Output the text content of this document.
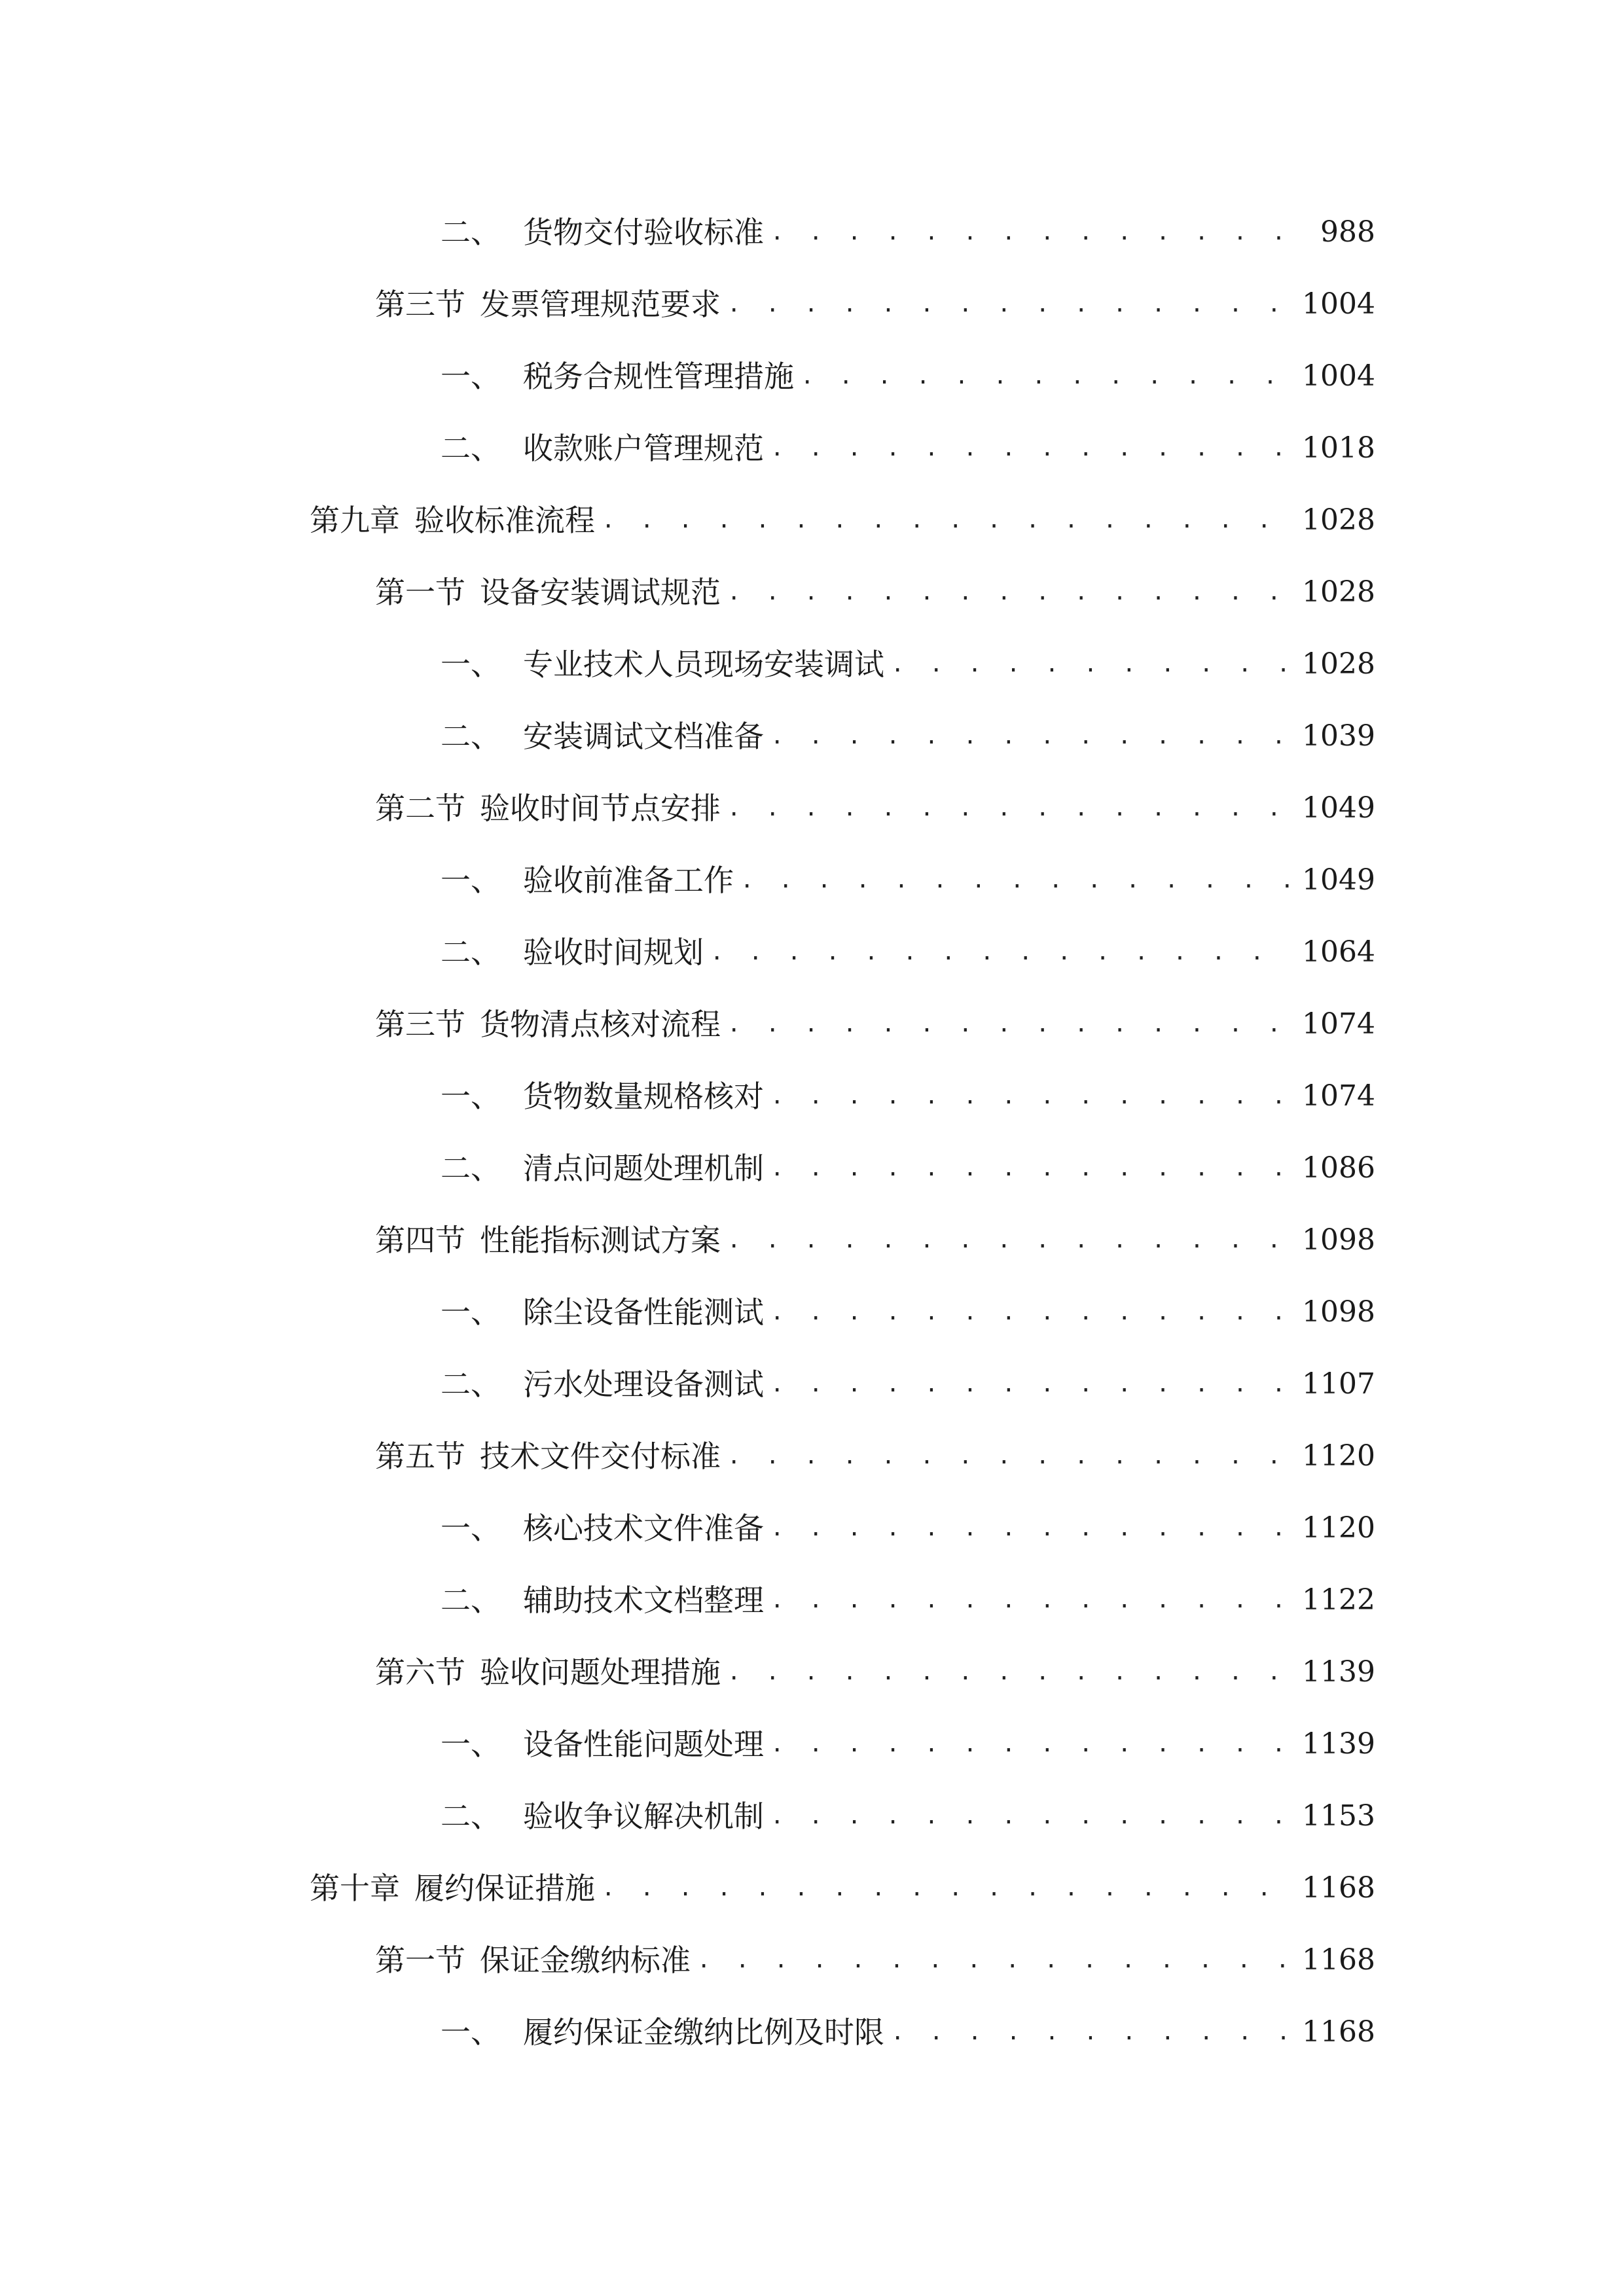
二、 货物交付验收标准 . . .	988
第三节 发票管理规范要求 . . .	1004
一、 税务合规性管理措施 . . .	1004
二、 收款账户管理规范 . . .	1018
第九章 验收标准流程 . . .	1028
第一节 设备安装调试规范 . . .	1028
一、 专业技术人员现场安装调试 . . .	1028
二、 安装调试文档准备 . . .	1039
第二节 验收时间节点安排 . . .	1049
一、 验收前准备工作 . . .	1049
二、 验收时间规划 . . .	1064
第三节 货物清点核对流程 . . .	1074
一、 货物数量规格核对 . . .	1074
二、 清点问题处理机制 . . .	1086
第四节 性能指标测试方案 . . .	1098
一、 除尘设备性能测试 . . .	1098
二、 污水处理设备测试 . . .	1107
第五节 技术文件交付标准 . . .	1120
一、 核心技术文件准备 . . .	1120
二、 辅助技术文档整理 . . .	1122
第六节 验收问题处理措施 . . .	1139
一、 设备性能问题处理 . . .	1139
二、 验收争议解决机制 . . .	1153
第十章 履约保证措施 . . .	1168
第一节 保证金缴纳标准 . . .	1168
一、 履约保证金缴纳比例及时限 . . .	1168
